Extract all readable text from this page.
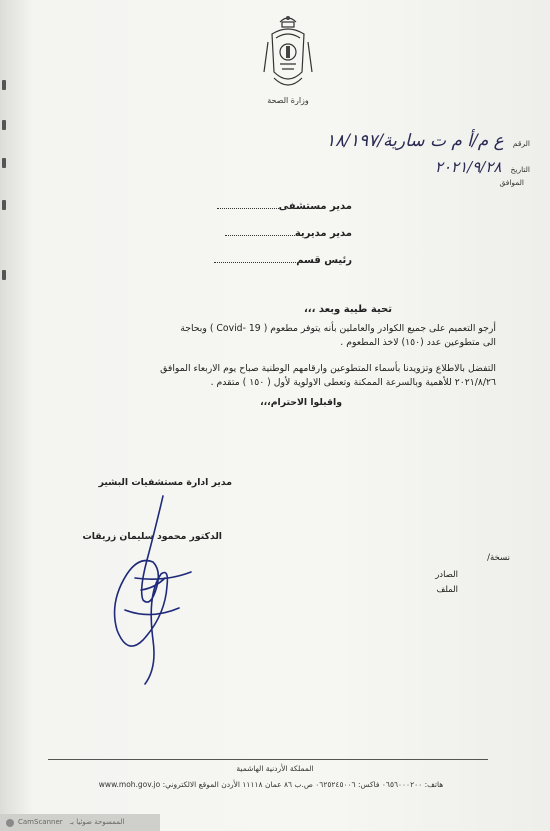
وزارة الصحة
الرقم ع م/أ م ت سارية/١٨/١٩٧
التاريخ ٢٠٢١/٩/٢٨
الموافق
مدير مستشفى
مدير مديرية
رئيس قسم
تحية طيبة وبعد ،،،
أرجو التعميم على جميع الكوادر والعاملين بأنه يتوفر مطعوم ( Covid- 19 ) وبحاجة
الى متطوعين عدد (١٥٠) لاخذ المطعوم .
التفضل بالاطلاع وتزويدنا بأسماء المتطوعين وارقامهم الوطنية صباح يوم الاربعاء الموافق
٢٠٢١/٨/٢٦ للأهمية وبالسرعة الممكنة وتعطى الاولوية لأول ( ١٥٠ ) متقدم .
واقبلوا الاحترام،،،
مدير ادارة مستشفيات البشير
الدكتور محمود سليمان زريقات
نسخة/
الصادر
الملف
المملكة الأردنية الهاشمية
هاتف: ٠٦٥٦٠٠٠٢٠٠ فاكس: ٠٦٢٥٢٤٥٠٠٦ ص.ب ٨٦ عمان ١١١١٨ الأردن الموقع الالكتروني: www.moh.gov.jo
CamScanner الممسوحة ضوئيا بـ
